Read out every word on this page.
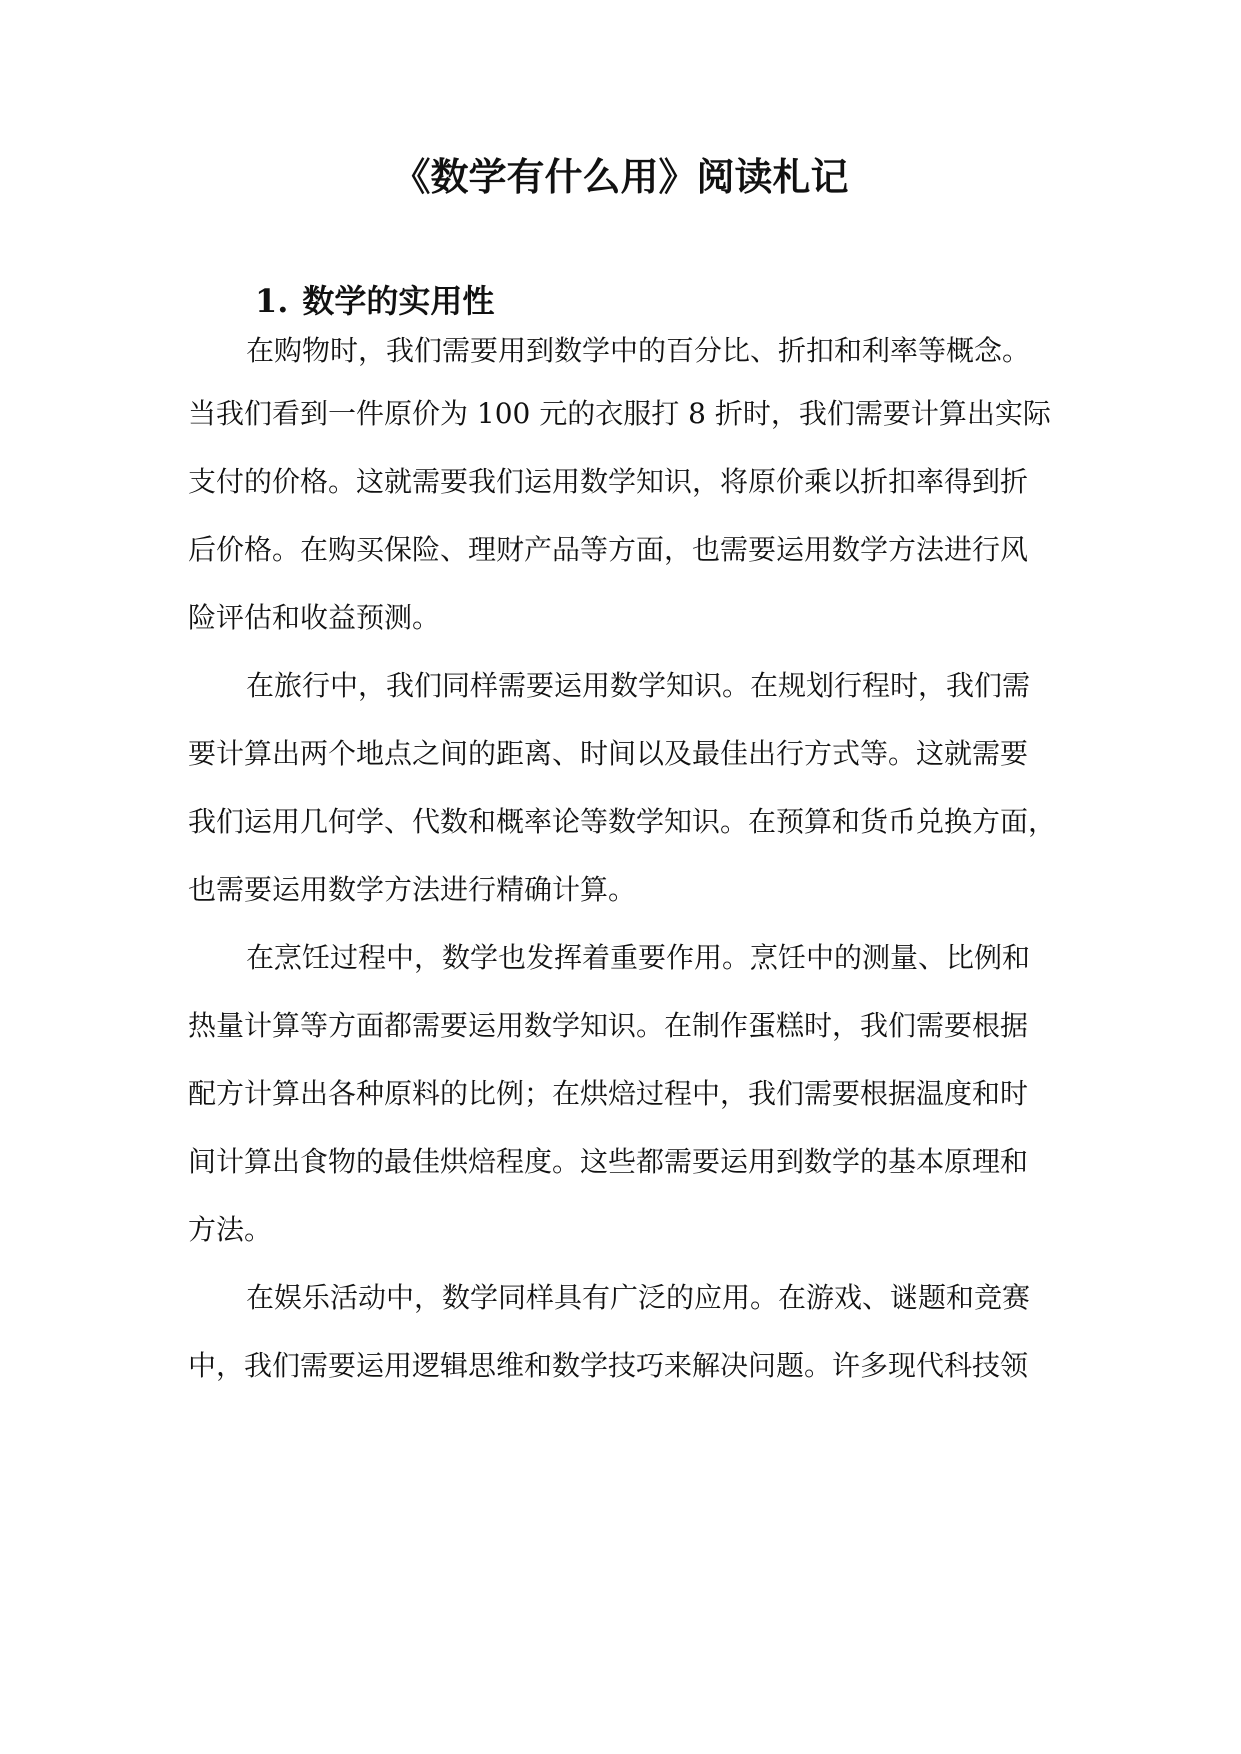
《数学有什么用》阅读札记
1. 数学的实用性

在购物时，我们需要用到数学中的百分比、折扣和利率等概念。

当我们看到一件原价为 100 元的衣服打 8 折时，我们需要计算出实际

支付的价格。这就需要我们运用数学知识，将原价乘以折扣率得到折

后价格。在购买保险、理财产品等方面，也需要运用数学方法进行风

险评估和收益预测。

在旅行中，我们同样需要运用数学知识。在规划行程时，我们需

要计算出两个地点之间的距离、时间以及最佳出行方式等。这就需要

我们运用几何学、代数和概率论等数学知识。在预算和货币兑换方面，

也需要运用数学方法进行精确计算。

在烹饪过程中，数学也发挥着重要作用。烹饪中的测量、比例和

热量计算等方面都需要运用数学知识。在制作蛋糕时，我们需要根据

配方计算出各种原料的比例；在烘焙过程中，我们需要根据温度和时

间计算出食物的最佳烘焙程度。这些都需要运用到数学的基本原理和

方法。

在娱乐活动中，数学同样具有广泛的应用。在游戏、谜题和竞赛

中，我们需要运用逻辑思维和数学技巧来解决问题。许多现代科技领
